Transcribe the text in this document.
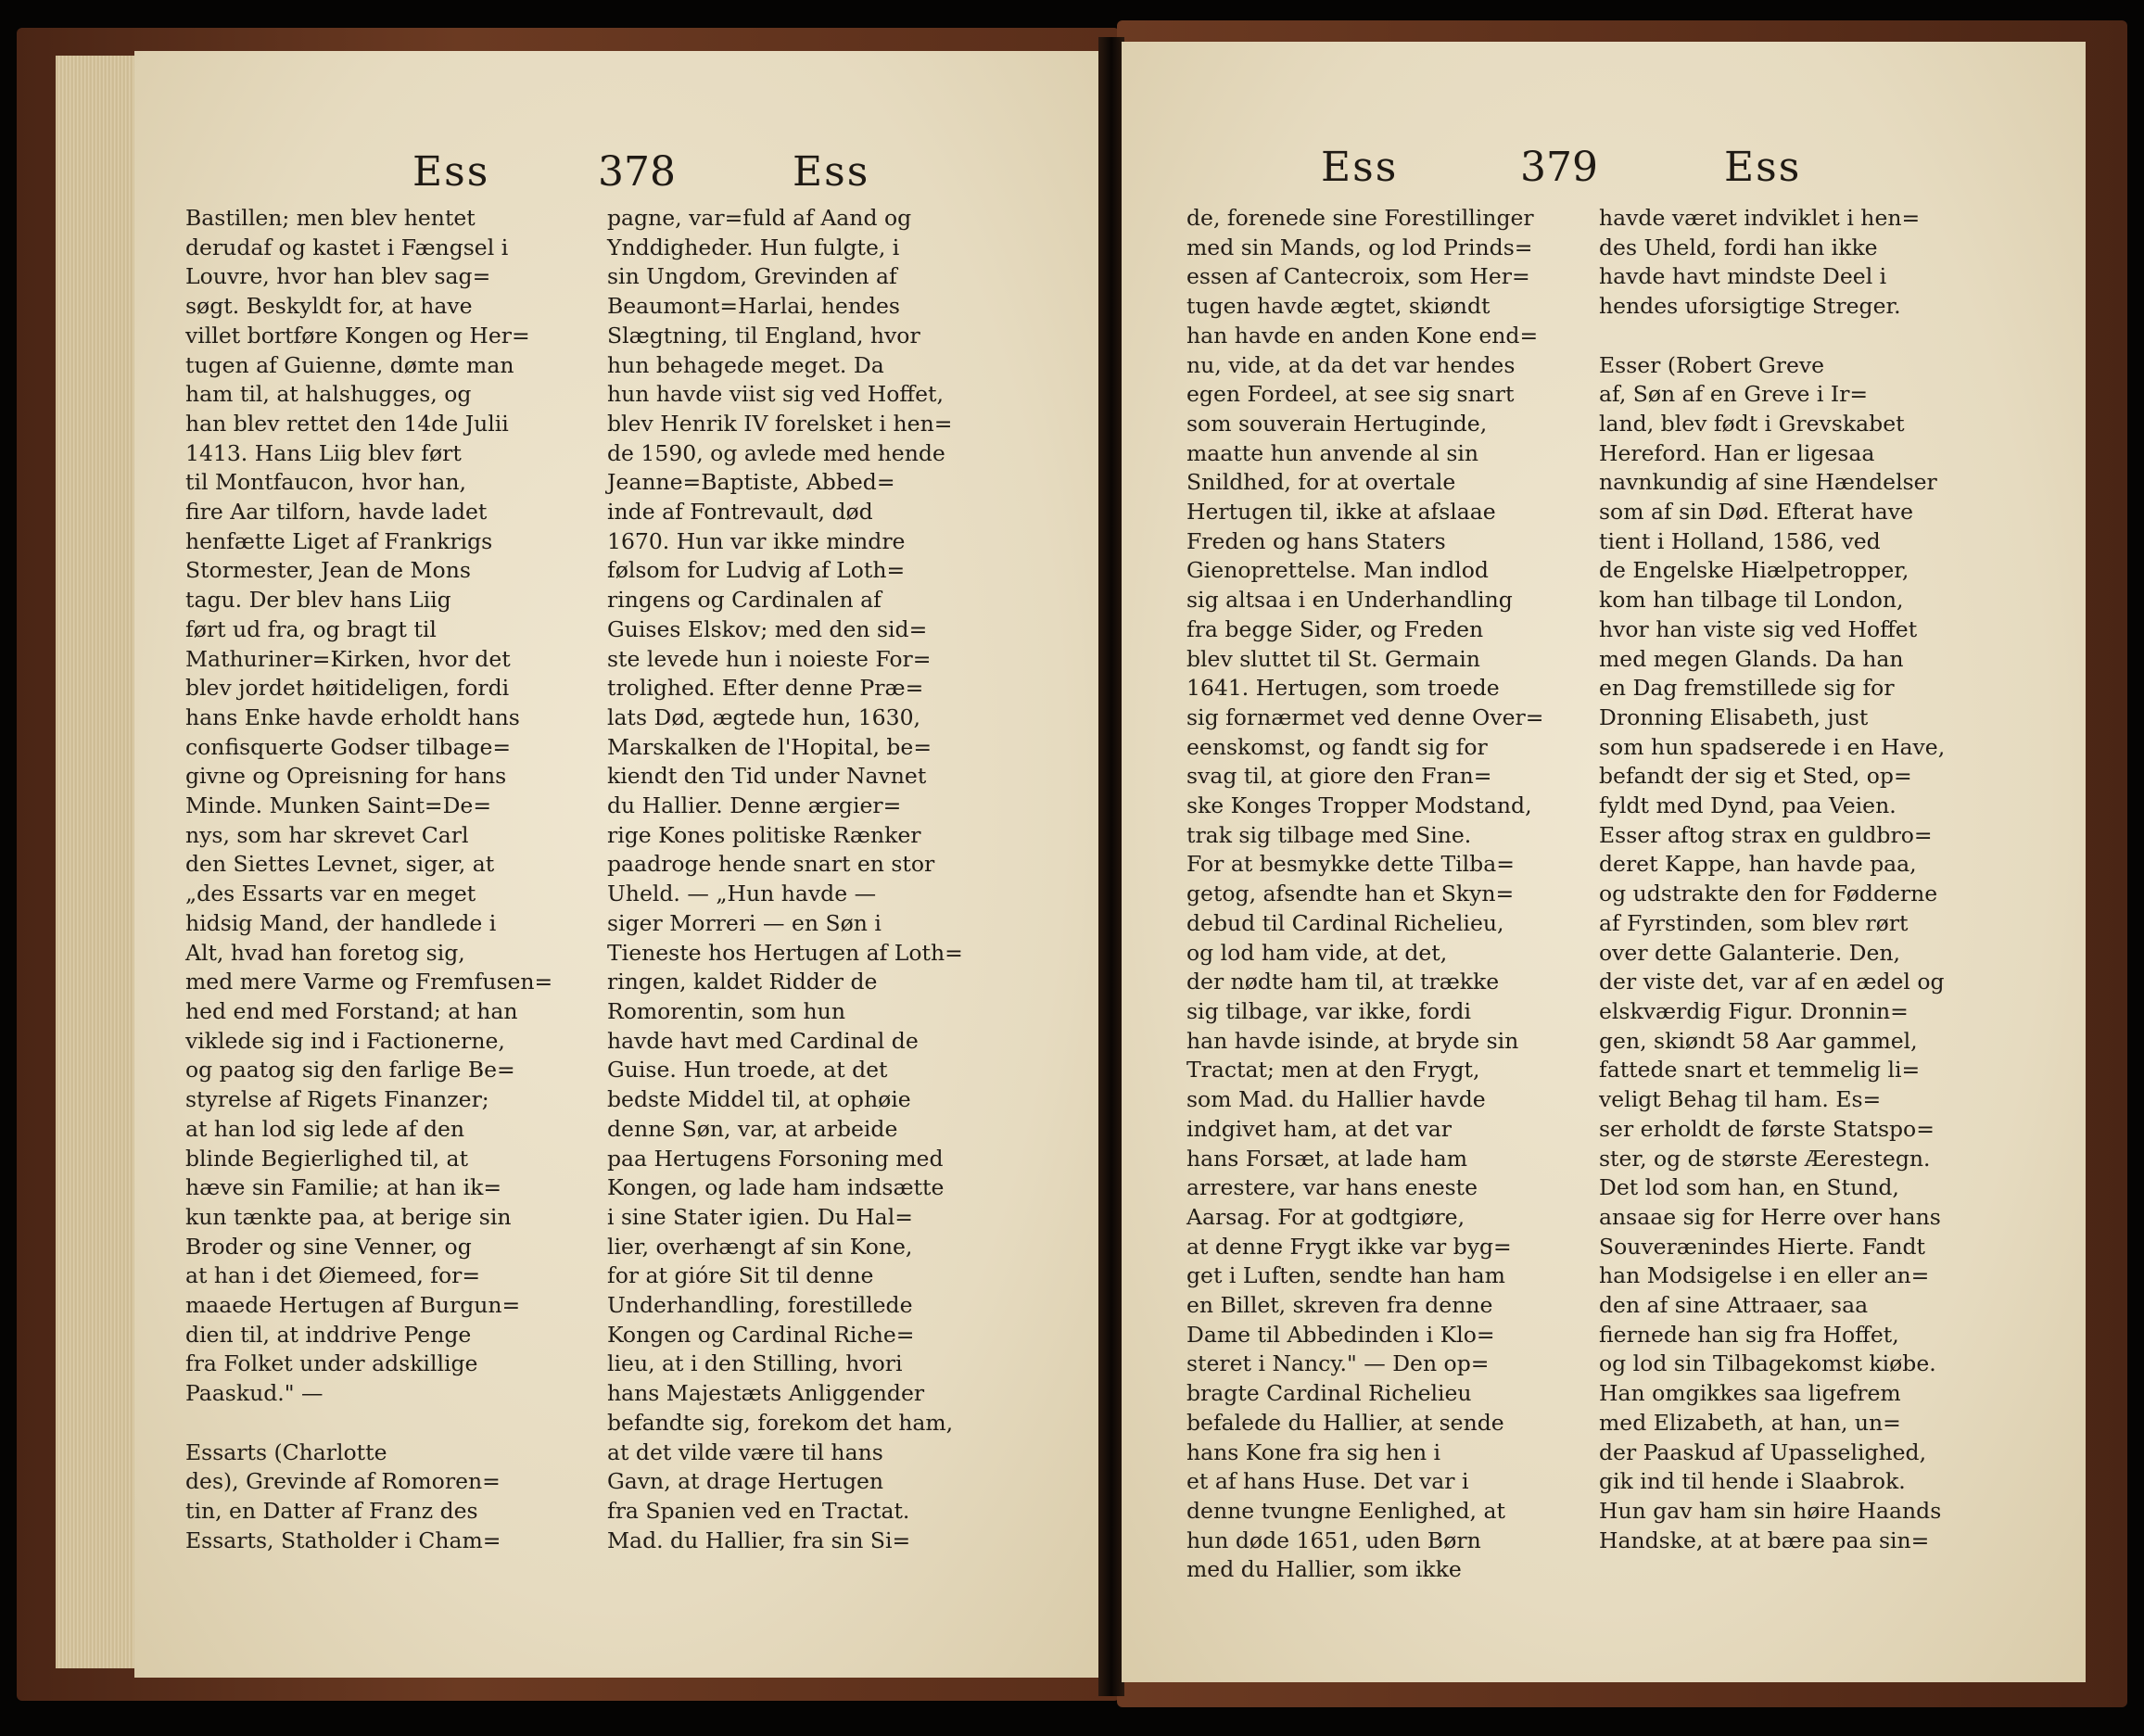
Ess	378	Ess
Bastillen; men blev hentet
derudaf og kastet i Fængsel i
Louvre, hvor han blev sag=
søgt. Beskyldt for, at have
villet bortføre Kongen og Her=
tugen af Guienne, dømte man
ham til, at halshugges, og
han blev rettet den 14de Julii
1413. Hans Liig blev ført
til Montfaucon, hvor han,
fire Aar tilforn, havde ladet
henfætte Liget af Frankrigs
Stormester, Jean de Mons
tagu. Der blev hans Liig
ført ud fra, og bragt til
Mathuriner=Kirken, hvor det
blev jordet høitideligen, fordi
hans Enke havde erholdt hans
confisquerte Godser tilbage=
givne og Opreisning for hans
Minde. Munken Saint=De=
nys, som har skrevet Carl
den Siettes Levnet, siger, at
„des Essarts var en meget
hidsig Mand, der handlede i
Alt, hvad han foretog sig,
med mere Varme og Fremfusen=
hed end med Forstand; at han
viklede sig ind i Factionerne,
og paatog sig den farlige Be=
styrelse af Rigets Finanzer;
at han lod sig lede af den
blinde Begierlighed til, at
hæve sin Familie; at han ik=
kun tænkte paa, at berige sin
Broder og sine Venner, og
at han i det Øiemeed, for=
maaede Hertugen af Burgun=
dien til, at inddrive Penge
fra Folket under adskillige
Paaskud." —

Essarts (Charlotte
des), Grevinde af Romoren=
tin, en Datter af Franz des
Essarts, Statholder i Cham=
pagne, var=fuld af Aand og
Ynddigheder. Hun fulgte, i
sin Ungdom, Grevinden af
Beaumont=Harlai, hendes
Slægtning, til England, hvor
hun behagede meget. Da
hun havde viist sig ved Hoffet,
blev Henrik IV forelsket i hen=
de 1590, og avlede med hende
Jeanne=Baptiste, Abbed=
inde af Fontrevault, død
1670. Hun var ikke mindre
følsom for Ludvig af Loth=
ringens og Cardinalen af
Guises Elskov; med den sid=
ste levede hun i noieste For=
trolighed. Efter denne Præ=
lats Død, ægtede hun, 1630,
Marskalken de l'Hopital, be=
kiendt den Tid under Navnet
du Hallier. Denne ærgier=
rige Kones politiske Rænker
paadroge hende snart en stor
Uheld. — „Hun havde —
siger Morreri — en Søn i
Tieneste hos Hertugen af Loth=
ringen, kaldet Ridder de
Romorentin, som hun
havde havt med Cardinal de
Guise. Hun troede, at det
bedste Middel til, at ophøie
denne Søn, var, at arbeide
paa Hertugens Forsoning med
Kongen, og lade ham indsætte
i sine Stater igien. Du Hal=
lier, overhængt af sin Kone,
for at gióre Sit til denne
Underhandling, forestillede
Kongen og Cardinal Riche=
lieu, at i den Stilling, hvori
hans Majestæts Anliggender
befandte sig, forekom det ham,
at det vilde være til hans
Gavn, at drage Hertugen
fra Spanien ved en Tractat.
Mad. du Hallier, fra sin Si=
Ess	379	Ess
de, forenede sine Forestillinger
med sin Mands, og lod Prinds=
essen af Cantecroix, som Her=
tugen havde ægtet, skiøndt
han havde en anden Kone end=
nu, vide, at da det var hendes
egen Fordeel, at see sig snart
som souverain Hertuginde,
maatte hun anvende al sin
Snildhed, for at overtale
Hertugen til, ikke at afslaae
Freden og hans Staters
Gienoprettelse. Man indlod
sig altsaa i en Underhandling
fra begge Sider, og Freden
blev sluttet til St. Germain
1641. Hertugen, som troede
sig fornærmet ved denne Over=
eenskomst, og fandt sig for
svag til, at giore den Fran=
ske Konges Tropper Modstand,
trak sig tilbage med Sine.
For at besmykke dette Tilba=
getog, afsendte han et Skyn=
debud til Cardinal Richelieu,
og lod ham vide, at det,
der nødte ham til, at trække
sig tilbage, var ikke, fordi
han havde isinde, at bryde sin
Tractat; men at den Frygt,
som Mad. du Hallier havde
indgivet ham, at det var
hans Forsæt, at lade ham
arrestere, var hans eneste
Aarsag. For at godtgiøre,
at denne Frygt ikke var byg=
get i Luften, sendte han ham
en Billet, skreven fra denne
Dame til Abbedinden i Klo=
steret i Nancy." — Den op=
bragte Cardinal Richelieu
befalede du Hallier, at sende
hans Kone fra sig hen i
et af hans Huse. Det var i
denne tvungne Eenlighed, at
hun døde 1651, uden Børn
med du Hallier, som ikke
havde været indviklet i hen=
des Uheld, fordi han ikke
havde havt mindste Deel i
hendes uforsigtige Streger.

Esser (Robert Greve
af, Søn af en Greve i Ir=
land, blev født i Grevskabet
Hereford. Han er ligesaa
navnkundig af sine Hændelser
som af sin Død. Efterat have
tient i Holland, 1586, ved
de Engelske Hiælpetropper,
kom han tilbage til London,
hvor han viste sig ved Hoffet
med megen Glands. Da han
en Dag fremstillede sig for
Dronning Elisabeth, just
som hun spadserede i en Have,
befandt der sig et Sted, op=
fyldt med Dynd, paa Veien.
Esser aftog strax en guldbro=
deret Kappe, han havde paa,
og udstrakte den for Fødderne
af Fyrstinden, som blev rørt
over dette Galanterie. Den,
der viste det, var af en ædel og
elskværdig Figur. Dronnin=
gen, skiøndt 58 Aar gammel,
fattede snart et temmelig li=
veligt Behag til ham. Es=
ser erholdt de første Statspo=
ster, og de største Æerestegn.
Det lod som han, en Stund,
ansaae sig for Herre over hans
Souverænindes Hierte. Fandt
han Modsigelse i en eller an=
den af sine Attraaer, saa
fiernede han sig fra Hoffet,
og lod sin Tilbagekomst kiøbe.
Han omgikkes saa ligefrem
med Elizabeth, at han, un=
der Paaskud af Upasselighed,
gik ind til hende i Slaabrok.
Hun gav ham sin høire Haands
Handske, at at bære paa sin=
